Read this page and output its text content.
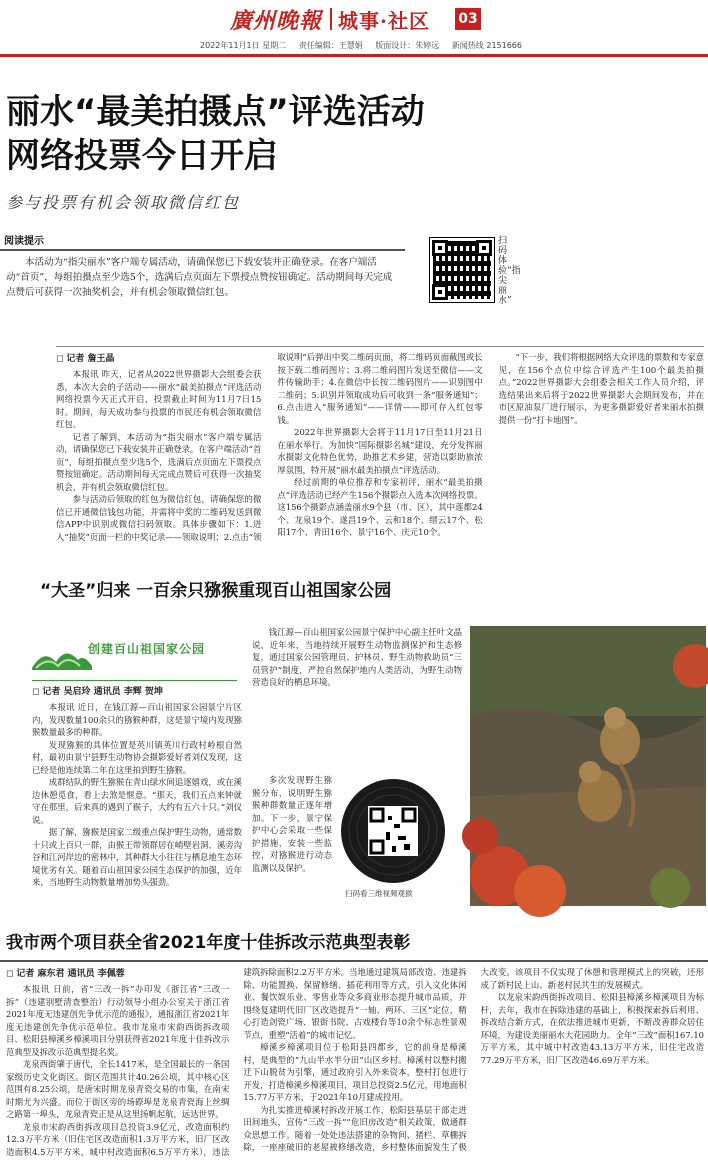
廣州晚報 城事·社区 03
2022年11月1日 星期二 责任编辑：王慧娟 版面设计：朱婷远 新闻热线 2151666
丽水“最美拍摄点”评选活动
网络投票今日开启
参与投票有机会领取微信红包
阅读提示

本活动为“指尖丽水”客户端专属活动，请确保您已下载安装并正确登录。在客户端活动“首页”，每组拍摄点至少选5个，选满后点页面左下票授点赞按钮确定。活动期间每天完成点赞后可获得一次抽奖机会，并有机会领取微信红包。

扫码体验“指尖丽水”
◻ 记者 詹王晶

本报讯 昨天，记者从2022世界摄影大会组委会获悉，本次大会的子活动——丽水“最美拍摄点”评选活动网络投票今天正式开启，投票截止时间为11月7日15时。期间，每天成功参与投票的市民还有机会领取微信红包。

记者了解到，本活动为“指尖丽水”客户端专属活动，请确保您已下载安装并正确登录。在客户端活动“首页”，每组拍摄点至少选5个，选满后点页面左下票授点赞按钮确定。活动期间每天完成点赞后可获得一次抽奖机会，并有机会领取微信红包。

参与活动后领取的红包为微信红包，请确保您的微信已开通微信钱包功能，并需将中奖的二维码发送到微信APP中识别或微信扫码领取。具体步骤如下：1.进入“抽奖”页面一栏的中奖记录——领取说明；2.点击“领取说明”后弹出中奖二维码页面，将二维码页面截图或长按下载二维码图片；3.将二维码图片发送至微信——文件传输助手；4.在微信中长按二维码图片——识别图中二维码；5.识别并领取成功后可收到一条“服务通知”；6.点击进入“服务通知”——详情——即可存入红包零钱。

2022年世界摄影大会将于11月17日至11月21日在丽水举行。为加快“国际摄影名城”建设，充分发挥丽水摄影文化特色优势，助推艺术乡建，营造以影助旅浓厚氛围，特开展“丽水最美拍摄点”评选活动。

经过前期的单位推荐和专家初评，丽水“最美拍摄点”评选活动已经产生156个摄影点入选本次网络投票。这156个摄影点涵盖丽水9个县（市、区），其中莲都24个、龙泉19个、遂昌19个、云和18个、缙云17个、松阳17个、青田16个、景宁16个、庆元10个。

“下一步，我们将根据网络大众评选的票数和专家意见，在156个点位中综合评选产生100个最美拍摄点。”2022世界摄影大会组委会相关工作人员介绍，评选结果出来后将于2022世界摄影大会期间发布，并在市区原油泵厂进行展示，为更多摄影爱好者来丽水拍摄提供一份“打卡地图”。

“大圣”归来 一百余只猕猴重现百山祖国家公园
创建百山祖国家公园
◻ 记者 吴启玲 通讯员 李辉 贺坤

本报讯 近日，在钱江源—百山祖国家公园景宁片区内，发现数量100余只的猕猴种群，这是景宁境内发现猕猴数量最多的种群。

发现猕猴的具体位置是英川镇英川行政村岭根自然村，最初由景宁县野生动物协会摄影爱好者刘仪发现，这已经是他连续第二年在这里拍到野生猕猴。

成群结队的野生猕猴在青山绿水间追逐嬉戏，或在溪边休憩觅食，看上去煞是惬意。“那天，我们五点来钟就守在那里，后来真的遇到了猴子，大约有五六十只。”刘仪说。

据了解，猕猴是国家二级重点保护野生动物，通常数十只或上百只一群，由猴王带领群居在峭壁岩洞、溪旁沟谷和江河岸边的密林中，其种群大小往往与栖息地生态环境优劣有关。随着百山祖国家公园生态保护的加强，近年来，当地野生动物数量增加势头强劲。

钱江源—百山祖国家公园景宁保护中心副主任叶文晶说，近年来，当地持续开展野生动物监测保护和生态修复，通过国家公园管理员、护林员、野生动物救助员“三员管护”制度，严控自然保护地内人类活动，为野生动物营造良好的栖息环境。

多次发现野生猕猴分布，说明野生猕猴种群数量正逐年增加。下一步，景宁保护中心会采取一些保护措施，安装一些监控，对猕猴进行动态监测以及保护。

扫码看三维视频观猴
我市两个项目获全省2021年度十佳拆改示范典型表彰
◻ 记者 麻东君 通讯员 李佩蓉

本报讯 日前，省“三改一拆”办印发《浙江省“三改一拆”（违建别墅清查整治）行动领导小组办公室关于浙江省2021年度无违建创先争优示范的通报》，通报浙江省2021年度无违建创先争优示范单位。我市龙泉市宋韵西街拆改项目、松阳县樟溪乡樟溪项目分别获得省2021年度十佳拆改示范典型及拆改示范典型提名奖。

龙泉西街肇于唐代，全长1417米，是全国最长的一条国家级历史文化街区。街区范围共计40.26公顷，其中核心区范围有8.25公顷，是唐宋时期龙泉青瓷交易的市集，在南宋时期尤为兴盛。而位于街区旁的场磜埠是龙泉青瓷海上丝绸之路第一埠头，龙泉青瓷正是从这里扬帆起航，远达世界。

龙泉市宋韵西街拆改项目总投资3.9亿元，改造面积约12.3万平方米（旧住宅区改造面积1.3万平方米，旧厂区改造面积4.5万平方米，城中村改造面积6.5万平方米），违法建筑拆除面积2.2万平方米。当地通过建筑局部改造、违建拆除、功能置换、保留修缮、插花利用等方式，引入文化体闲业、餐饮娱乐业、零售业等众多商业形态提升城市品质，并围绕复建明代旧厂区改造提升“一轴、两环、三区”定位，精心打造剑瓷广场、银街书院、古戏楼台等10余个标志性景观节点，重塑“活着”的城市记忆。

樟溪乡樟溪项目位于松阳县四都乡，它的前身是樟溪村，是典型的“九山半水半分田”山区乡村。樟溪村以整村搬迁下山脱贫为引擎，通过政府引入外来资本，整村打包进行开发，打造樟溪乡樟溪项目，项目总投资2.5亿元，用地面积15.77万平方米，于2021年10月建成投用。

为扎实推进樟溪村拆改开展工作，松阳县基层干部走进田间地头，宣传“三改一拆”“危旧房改造”相关政策，做通群众思想工作。随着一处处违法搭建的杂物间、猪栏、草棚拆除，一座座破旧的老屋被修缮改造，乡村整体面貌发生了极大改变。该项目不仅实现了休憩和管理模式上的突破，还形成了新村民上山、新老村民共生的发展模式。

以龙泉宋韵西街拆改项目、松阳县樟溪乡樟溪项目为标杆，去年，我市在拆除违建的基础上，积极探索拆后利用、拆改结合新方式，在依法推进城市更新，不断改善群众居住环境，为建设美丽丽水大花园助力。全年“三改”面积167.10万平方米，其中城中村改造43.13万平方米，旧住宅改造77.29万平方米，旧厂区改造46.69万平方米。
